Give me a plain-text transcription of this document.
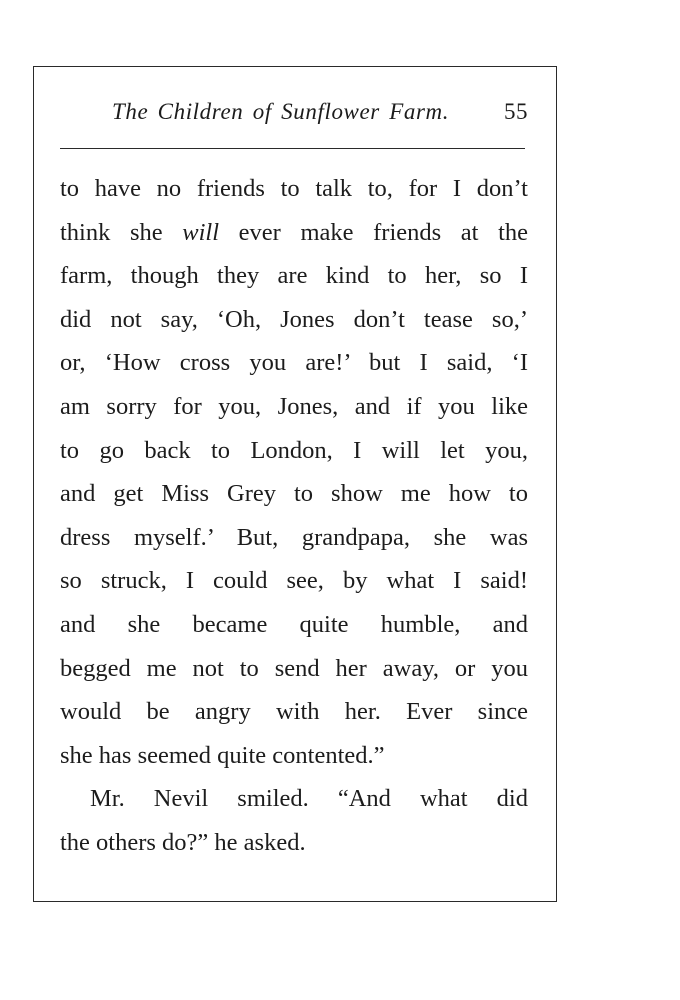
The Children of Sunflower Farm. 55
to have no friends to talk to, for I don’t
think she will ever make friends at the
farm, though they are kind to her, so I
did not say, ‘Oh, Jones don’t tease so,’
or, ‘How cross you are!’ but I said, ‘I
am sorry for you, Jones, and if you like
to go back to London, I will let you,
and get Miss Grey to show me how to
dress myself.’ But, grandpapa, she was
so struck, I could see, by what I said!
and she became quite humble, and
begged me not to send her away, or you
would be angry with her. Ever since
she has seemed quite contented.”
Mr. Nevil smiled. “And what did
the others do?” he asked.
